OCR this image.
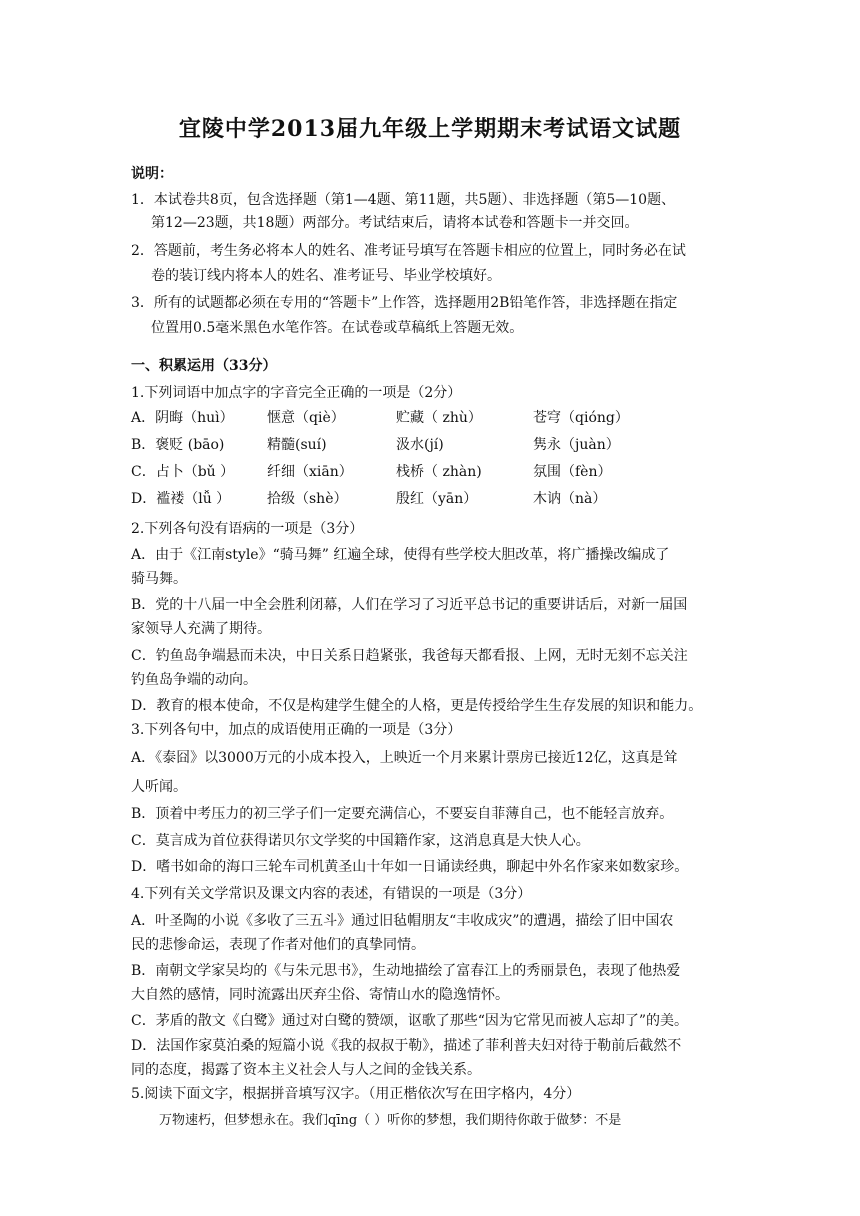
宜陵中学2013届九年级上学期期末考试语文试题
说明：
1．本试卷共8页，包含选择题（第1—4题、第11题，共5题）、非选择题（第5—10题、
第12—23题，共18题）两部分。考试结束后，请将本试卷和答题卡一并交回。
2．答题前，考生务必将本人的姓名、准考证号填写在答题卡相应的位置上，同时务必在试
卷的装订线内将本人的姓名、准考证号、毕业学校填好。
3．所有的试题都必须在专用的“答题卡”上作答，选择题用2B铅笔作答，非选择题在指定
位置用0.5毫米黑色水笔作答。在试卷或草稿纸上答题无效。
一、积累运用（33分）
1.下列词语中加点字的字音完全正确的一项是（2分）
A．阴晦（huì） 惬意（qiè）	贮藏（ zhù）	苍穹（qióng）
B．褒贬 (bāo)	精髓(suí)	汲水(jí)	隽永（juàn）
C．占卜（bǔ ） 纤细（xiān）	栈桥（ zhàn)	氛围（fèn）
D．褴褛（lǚ ）	拾级（shè）	殷红（yān）	木讷（nà）
2.下列各句没有语病的一项是（3分）
A．由于《江南style》“骑马舞” 红遍全球，使得有些学校大胆改革，将广播操改编成了
骑马舞。
B．党的十八届一中全会胜利闭幕，人们在学习了习近平总书记的重要讲话后，对新一届国
家领导人充满了期待。
C．钓鱼岛争端悬而未决，中日关系日趋紧张，我爸每天都看报、上网，无时无刻不忘关注
钓鱼岛争端的动向。
D．教育的根本使命，不仅是构建学生健全的人格，更是传授给学生生存发展的知识和能力。
3.下列各句中，加点的成语使用正确的一项是（3分）
A．《泰囧》以3000万元的小成本投入，上映近一个月来累计票房已接近12亿，这真是耸
人听闻。
B．顶着中考压力的初三学子们一定要充满信心，不要妄自菲薄自己，也不能轻言放弃。
C．莫言成为首位获得诺贝尔文学奖的中国籍作家，这消息真是大快人心。
D．嗜书如命的海口三轮车司机黄圣山十年如一日诵读经典，聊起中外名作家来如数家珍。
4.下列有关文学常识及课文内容的表述，有错误的一项是（3分）
A．叶圣陶的小说《多收了三五斗》通过旧毡帽朋友“丰收成灾”的遭遇，描绘了旧中国农
民的悲惨命运，表现了作者对他们的真挚同情。
B．南朝文学家吴均的《与朱元思书》，生动地描绘了富春江上的秀丽景色，表现了他热爱
大自然的感情，同时流露出厌弃尘俗、寄情山水的隐逸情怀。
C．茅盾的散文《白鹭》通过对白鹭的赞颂，讴歌了那些“因为它常见而被人忘却了”的美。
D．法国作家莫泊桑的短篇小说《我的叔叔于勒》，描述了菲利普夫妇对待于勒前后截然不
同的态度，揭露了资本主义社会人与人之间的金钱关系。
5.阅读下面文字，根据拼音填写汉字。（用正楷依次写在田字格内，4分）
万物速朽，但梦想永在。我们qīng（ ）听你的梦想，我们期待你敢于做梦：不是
